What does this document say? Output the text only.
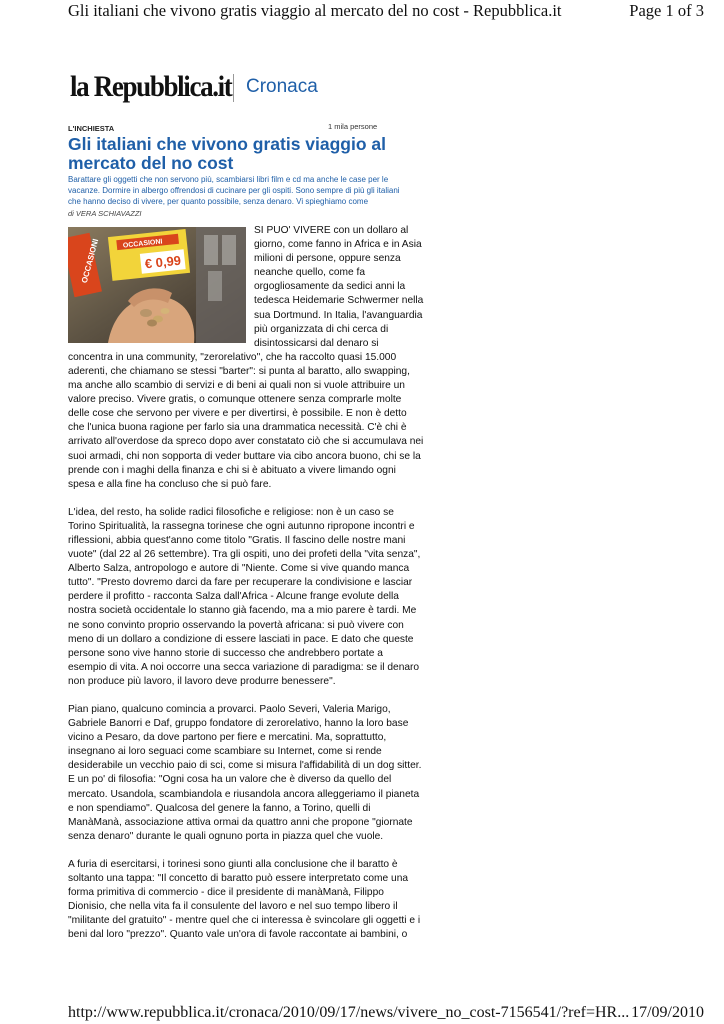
Gli italiani che vivono gratis viaggio al mercato del no cost - Repubblica.it	Page 1 of 3
la Repubblica.it Cronaca
L'INCHIESTA	1 mila persone
Gli italiani che vivono gratis viaggio al mercato del no cost
Barattare gli oggetti che non servono più, scambiarsi libri film e cd ma anche le case per le vacanze. Dormire in albergo offrendosi di cucinare per gli ospiti. Sono sempre di più gli italiani che hanno deciso di vivere, per quanto possibile, senza denaro. Vi spieghiamo come
di VERA SCHIAVAZZI
OCCASIONI	OCCASIONI
€ 0,99

SI PUO' VIVERE con un dollaro al giorno, come fanno in Africa e in Asia milioni di persone, oppure senza neanche quello, come fa orgogliosamente da sedici anni la tedesca Heidemarie Schwermer nella sua Dortmund. In Italia, l'avanguardia più organizzata di chi cerca di disintossicarsi dal denaro si concentra in una community, "zerorelativo", che ha raccolto quasi 15.000 aderenti, che chiamano se stessi "barter": si punta al baratto, allo swapping, ma anche allo scambio di servizi e di beni ai quali non si vuole attribuire un valore preciso. Vivere gratis, o comunque ottenere senza comprarle molte delle cose che servono per vivere e per divertirsi, è possibile. E non è detto che l'unica buona ragione per farlo sia una drammatica necessità. C'è chi è arrivato all'overdose da spreco dopo aver constatato ciò che si accumulava nei suoi armadi, chi non sopporta di veder buttare via cibo ancora buono, chi se la prende con i maghi della finanza e chi si è abituato a vivere limando ogni spesa e alla fine ha concluso che si può fare.

L'idea, del resto, ha solide radici filosofiche e religiose: non è un caso se Torino Spiritualità, la rassegna torinese che ogni autunno ripropone incontri e riflessioni, abbia quest'anno come titolo "Gratis. Il fascino delle nostre mani vuote" (dal 22 al 26 settembre). Tra gli ospiti, uno dei profeti della "vita senza", Alberto Salza, antropologo e autore di "Niente. Come si vive quando manca tutto". "Presto dovremo darci da fare per recuperare la condivisione e lasciar perdere il profitto - racconta Salza dall'Africa - Alcune frange evolute della nostra società occidentale lo stanno già facendo, ma a mio parere è tardi. Me ne sono convinto proprio osservando la povertà africana: si può vivere con meno di un dollaro a condizione di essere lasciati in pace. E dato che queste persone sono vive hanno storie di successo che andrebbero portate a esempio di vita. A noi occorre una secca variazione di paradigma: se il denaro non produce più lavoro, il lavoro deve produrre benessere".

Pian piano, qualcuno comincia a provarci. Paolo Severi, Valeria Marigo, Gabriele Banorri e Daf, gruppo fondatore di zerorelativo, hanno la loro base vicino a Pesaro, da dove partono per fiere e mercatini. Ma, soprattutto, insegnano ai loro seguaci come scambiare su Internet, come si rende desiderabile un vecchio paio di sci, come si misura l'affidabilità di un dog sitter. E un po' di filosofia: "Ogni cosa ha un valore che è diverso da quello del mercato. Usandola, scambiandola e riusandola ancora alleggeriamo il pianeta e non spendiamo". Qualcosa del genere la fanno, a Torino, quelli di ManàManà, associazione attiva ormai da quattro anni che propone "giornate senza denaro" durante le quali ognuno porta in piazza quel che vuole.

A furia di esercitarsi, i torinesi sono giunti alla conclusione che il baratto è soltanto una tappa: "Il concetto di baratto può essere interpretato come una forma primitiva di commercio - dice il presidente di manàManà, Filippo Dionisio, che nella vita fa il consulente del lavoro e nel suo tempo libero il "militante del gratuito" - mentre quel che ci interessa è svincolare gli oggetti e i beni dal loro "prezzo". Quanto vale un'ora di favole raccontate ai bambini, o

http://www.repubblica.it/cronaca/2010/09/17/news/vivere_no_cost-7156541/?ref=HR... 17/09/2010
